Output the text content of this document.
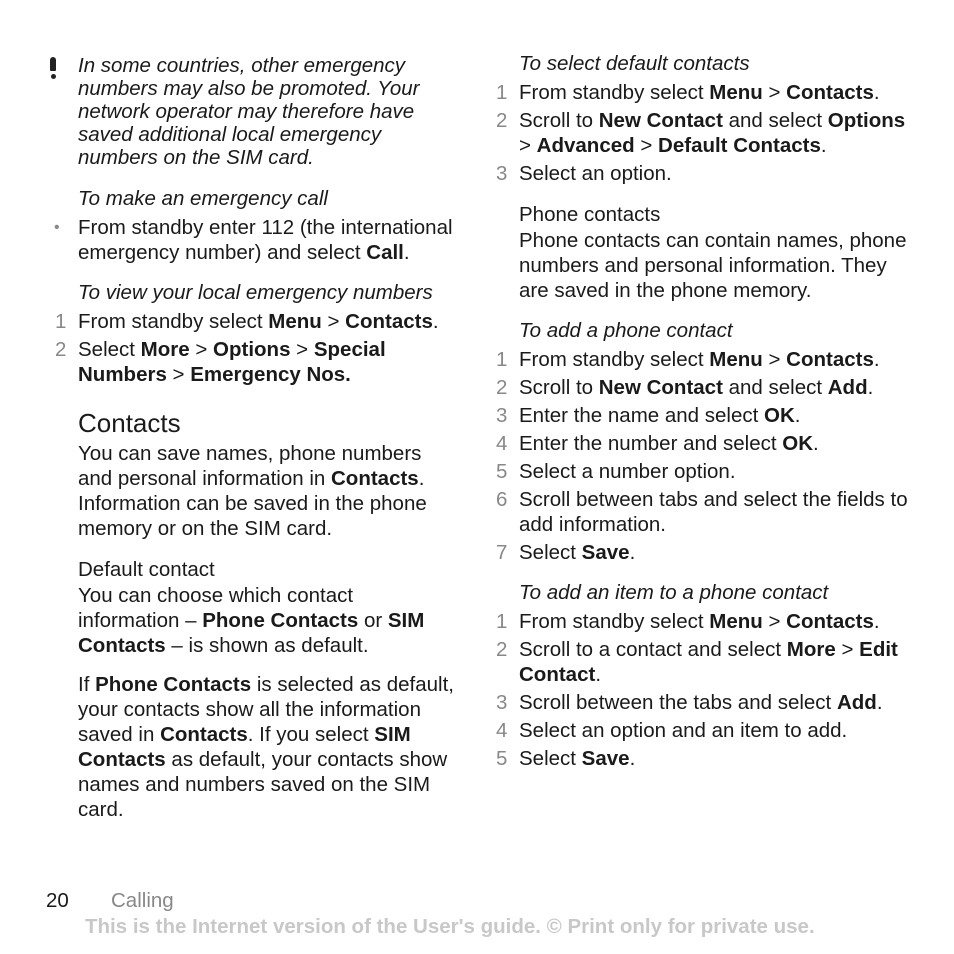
In some countries, other emergency numbers may also be promoted. Your network operator may therefore have saved additional local emergency numbers on the SIM card.
To make an emergency call
• From standby enter 112 (the international emergency number) and select Call.
To view your local emergency numbers
1 From standby select Menu > Contacts.
2 Select More > Options > Special Numbers > Emergency Nos.
Contacts

You can save names, phone numbers and personal information in Contacts. Information can be saved in the phone memory or on the SIM card.

Default contact

You can choose which contact information – Phone Contacts or SIM Contacts – is shown as default.

If Phone Contacts is selected as default, your contacts show all the information saved in Contacts. If you select SIM Contacts as default, your contacts show names and numbers saved on the SIM card.

To select default contacts
1 From standby select Menu > Contacts.
2 Scroll to New Contact and select Options > Advanced > Default Contacts.
3 Select an option.
Phone contacts

Phone contacts can contain names, phone numbers and personal information. They are saved in the phone memory.

To add a phone contact
1 From standby select Menu > Contacts.
2 Scroll to New Contact and select Add.
3 Enter the name and select OK.
4 Enter the number and select OK.
5 Select a number option.
6 Scroll between tabs and select the fields to add information.
7 Select Save.
To add an item to a phone contact
1 From standby select Menu > Contacts.
2 Scroll to a contact and select More > Edit Contact.
3 Scroll between the tabs and select Add.
4 Select an option and an item to add.
5 Select Save.
20 Calling
This is the Internet version of the User's guide. © Print only for private use.
